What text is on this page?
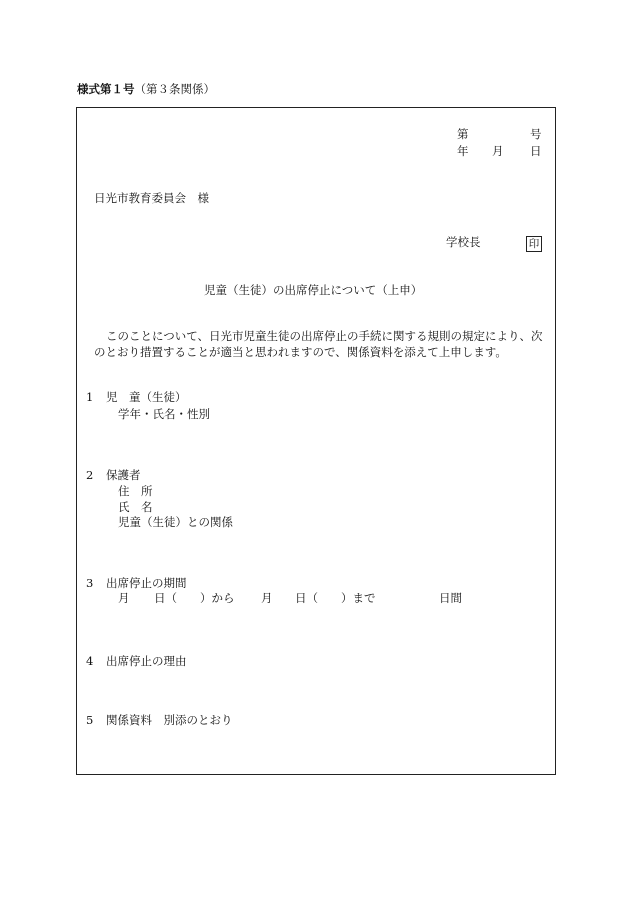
様式第１号（第３条関係）
第	号
年 月 日
日光市教育委員会　様
学校長	印
児童（生徒）の出席停止について（上申）
このことについて、日光市児童生徒の出席停止の手続に関する規則の規定により、次
のとおり措置することが適当と思われますので、関係資料を添えて上申します。
1 児　童（生徒）
学年・氏名・性別
2 保護者
住　所
氏　名
児童（生徒）との関係
3 出席停止の期間
月 日（ ）から 月 日（ ）まで	日間
4 出席停止の理由
5 関係資料　別添のとおり
